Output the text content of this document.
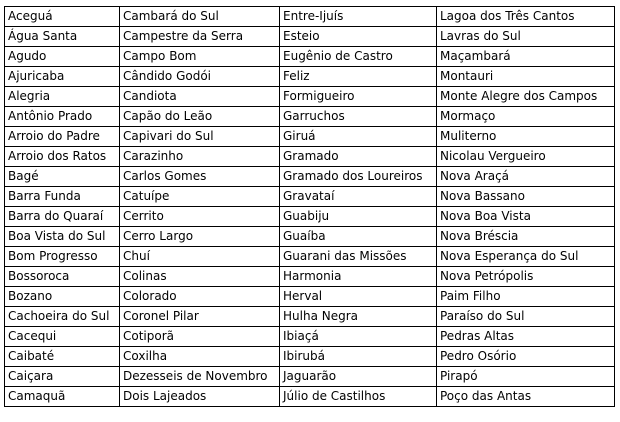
Aceguá	Cambará do Sul	Entre-Ijuís	Lagoa dos Três Cantos
Água Santa	Campestre da Serra	Esteio	Lavras do Sul
Agudo	Campo Bom	Eugênio de Castro	Maçambará
Ajuricaba	Cândido Godói	Feliz	Montauri
Alegria	Candiota	Formigueiro	Monte Alegre dos Campos
Antônio Prado	Capão do Leão	Garruchos	Mormaço
Arroio do Padre	Capivari do Sul	Giruá	Muliterno
Arroio dos Ratos	Carazinho	Gramado	Nicolau Vergueiro
Bagé	Carlos Gomes	Gramado dos Loureiros	Nova Araçá
Barra Funda	Catuípe	Gravataí	Nova Bassano
Barra do Quaraí	Cerrito	Guabiju	Nova Boa Vista
Boa Vista do Sul	Cerro Largo	Guaíba	Nova Bréscia
Bom Progresso	Chuí	Guarani das Missões	Nova Esperança do Sul
Bossoroca	Colinas	Harmonia	Nova Petrópolis
Bozano	Colorado	Herval	Paim Filho
Cachoeira do Sul	Coronel Pilar	Hulha Negra	Paraíso do Sul
Cacequi	Cotiporã	Ibiaçá	Pedras Altas
Caibaté	Coxilha	Ibirubá	Pedro Osório
Caiçara	Dezesseis de Novembro	Jaguarão	Pirapó
Camaquã	Dois Lajeados	Júlio de Castilhos	Poço das Antas
